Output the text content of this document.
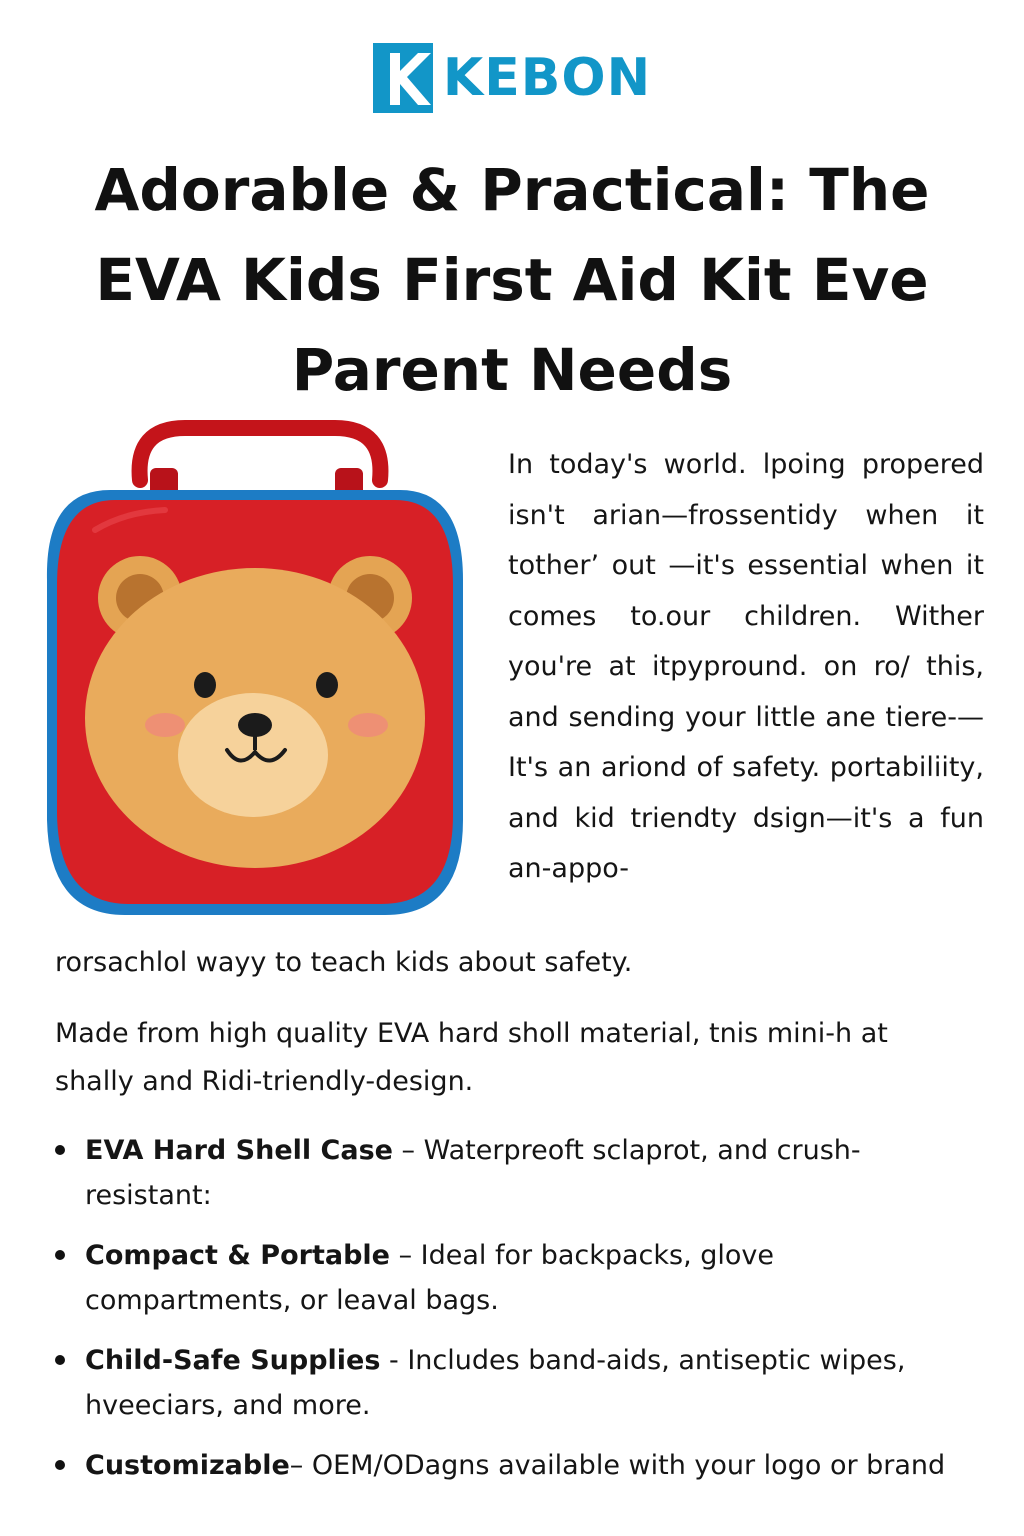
KEBON
Adorable & Practical: The EVA Kids First Aid Kit Eve Parent Needs
In today's world. lpoing propered isn't arian—frossentidy when it tother’ out —it's essential when it comes to.our children. Wither you're at itpypround. on ro/ this, and sending your little ane tiere-—It's an ariond of safety. portabiliity, and kid triendty dsign—it's a fun an-appo-
rorsachlol wayy to teach kids about safety.
Made from high quality EVA hard sholl material, tnis mini-h at shally and Ridi-triendly-design.
EVA Hard Shell Case – Waterpreoft sclaprot, and crush-resistant:
Compact & Portable – Ideal for backpacks, glove compartments, or leaval bags.
Child-Safe Supplies - Includes band-aids, antiseptic wipes, hveeciars, and more.
Customizable– OEM/ODagns available with your logo or brand
